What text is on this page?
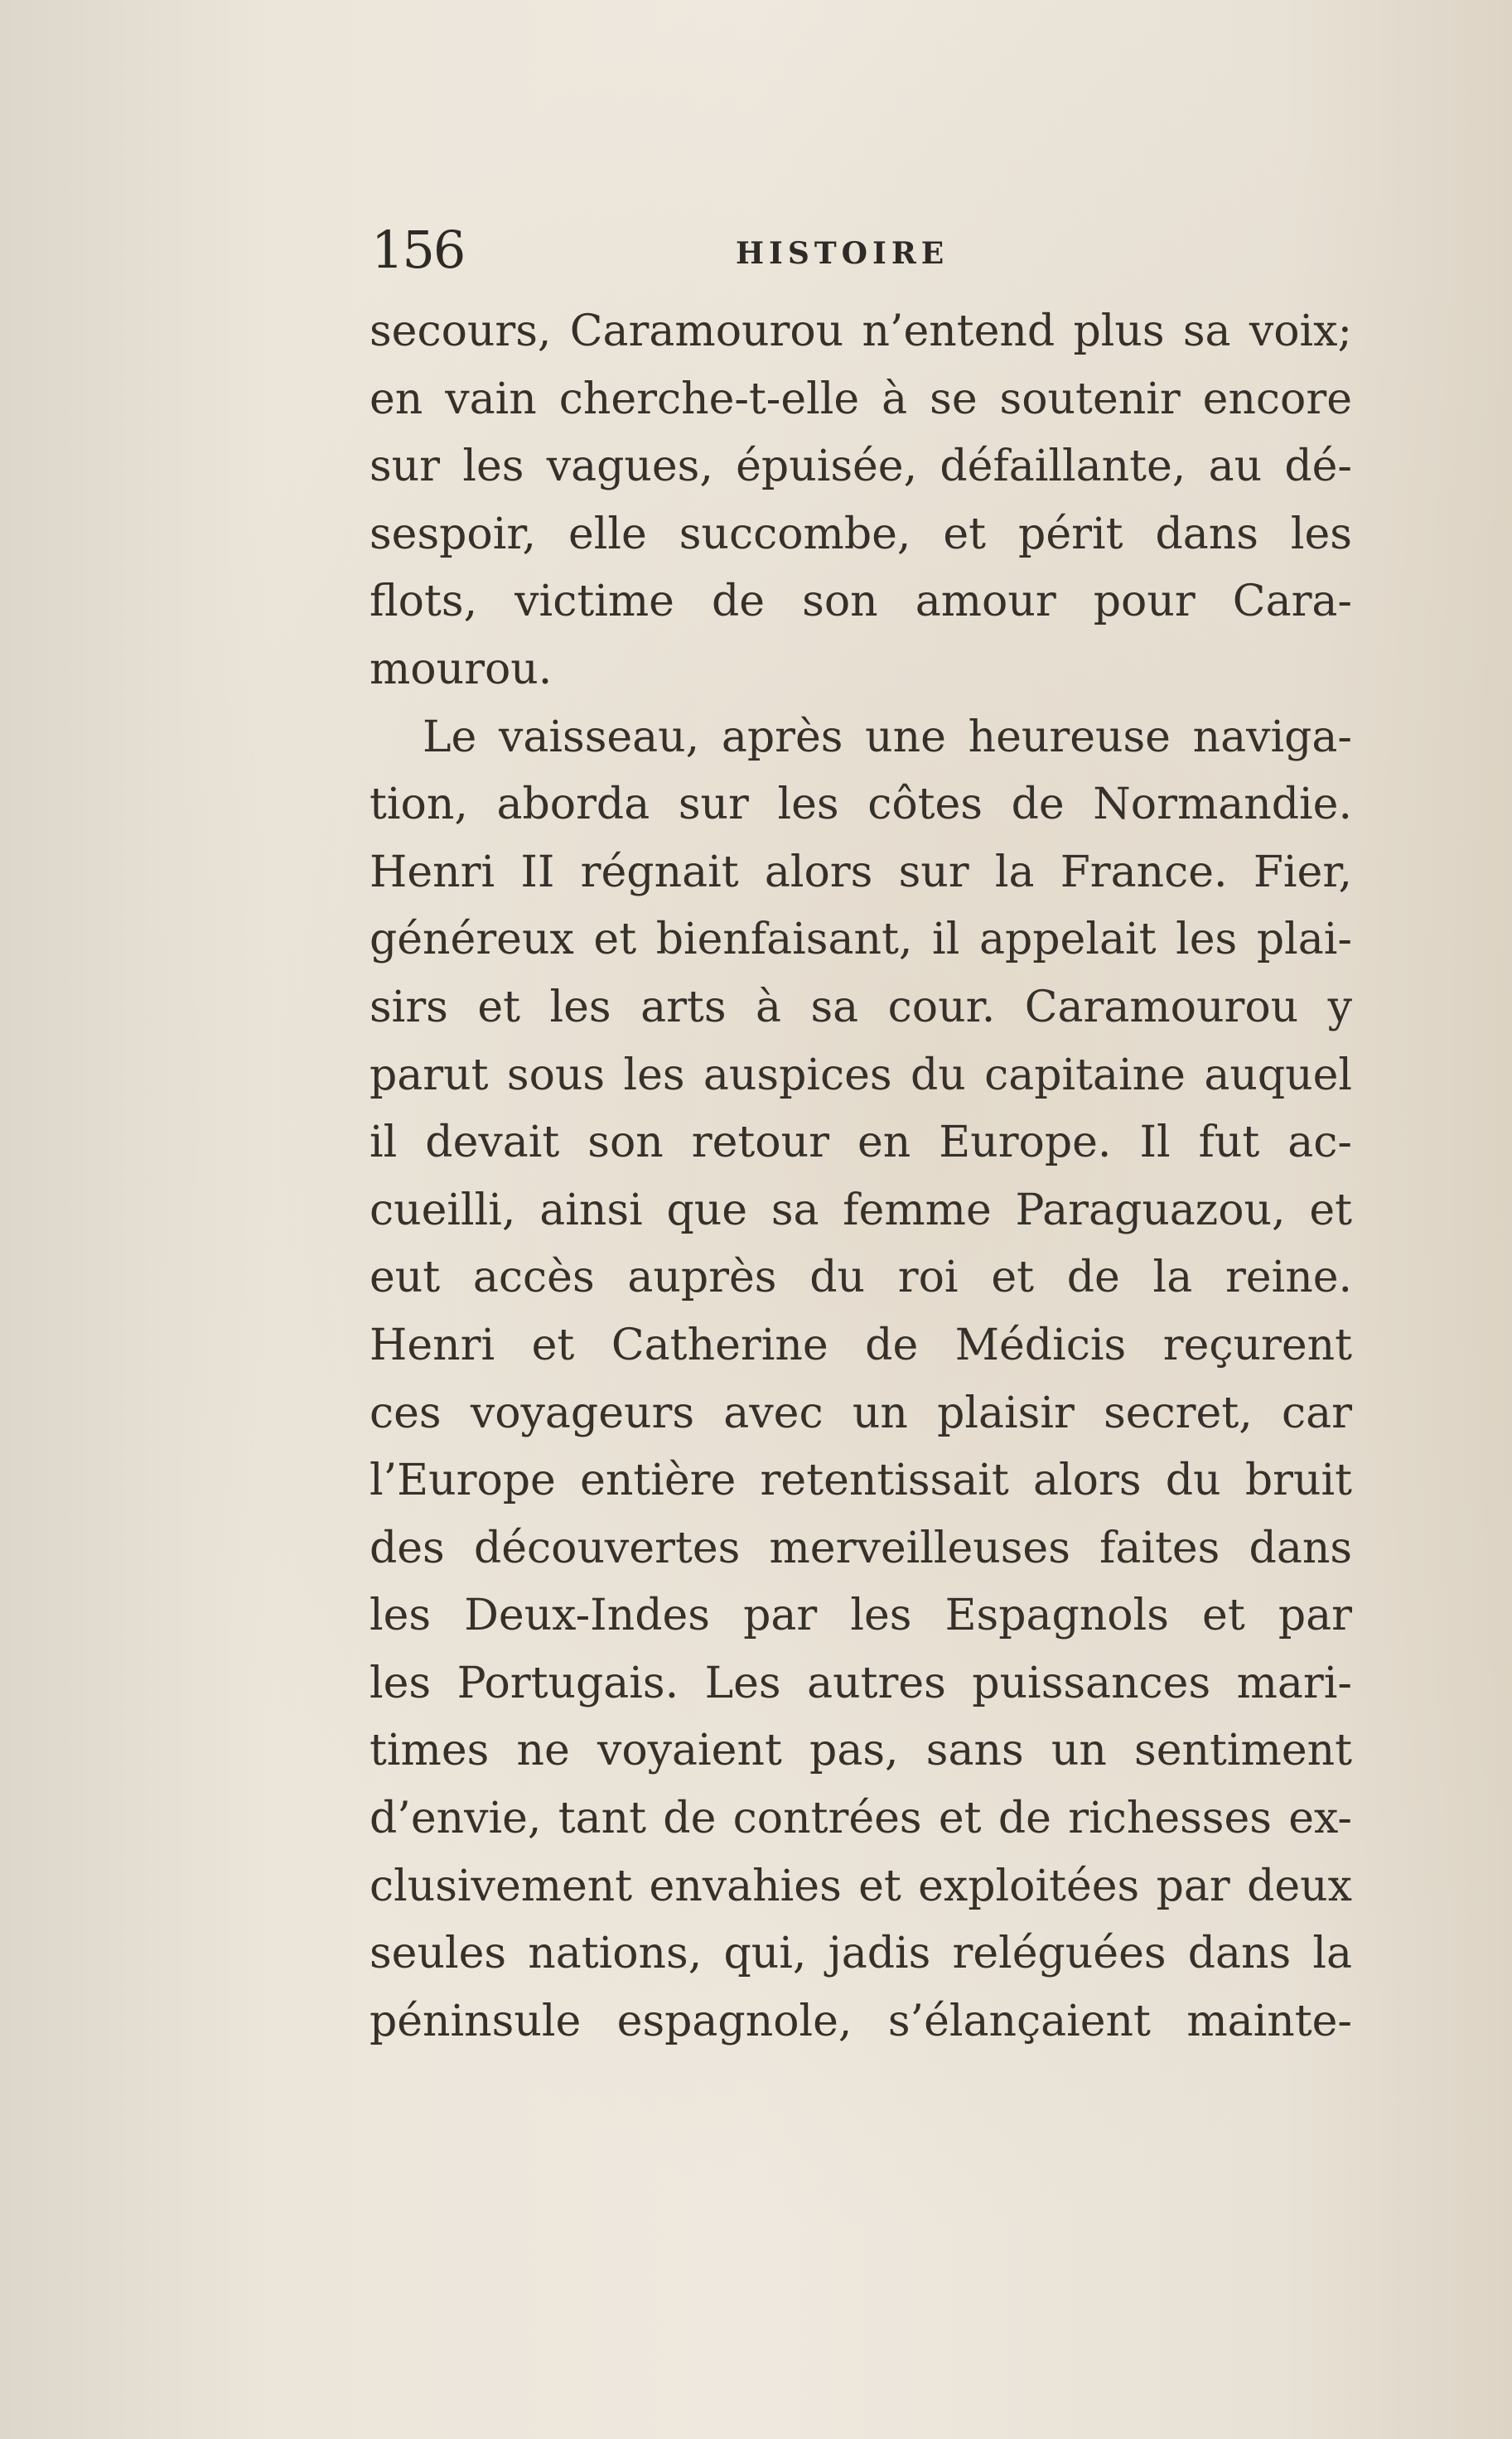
156	HISTOIRE
secours, Caramourou n’entend plus sa voix;
en vain cherche-t-elle à se soutenir encore
sur les vagues, épuisée, défaillante, au dé-
sespoir, elle succombe, et périt dans les
flots, victime de son amour pour Cara-
mourou.
Le vaisseau, après une heureuse naviga-
tion, aborda sur les côtes de Normandie.
Henri II régnait alors sur la France. Fier,
généreux et bienfaisant, il appelait les plai-
sirs et les arts à sa cour. Caramourou y
parut sous les auspices du capitaine auquel
il devait son retour en Europe. Il fut ac-
cueilli, ainsi que sa femme Paraguazou, et
eut accès auprès du roi et de la reine.
Henri et Catherine de Médicis reçurent
ces voyageurs avec un plaisir secret, car
l’Europe entière retentissait alors du bruit
des découvertes merveilleuses faites dans
les Deux-Indes par les Espagnols et par
les Portugais. Les autres puissances mari-
times ne voyaient pas, sans un sentiment
d’envie, tant de contrées et de richesses ex-
clusivement envahies et exploitées par deux
seules nations, qui, jadis reléguées dans la
péninsule espagnole, s’élançaient mainte-
